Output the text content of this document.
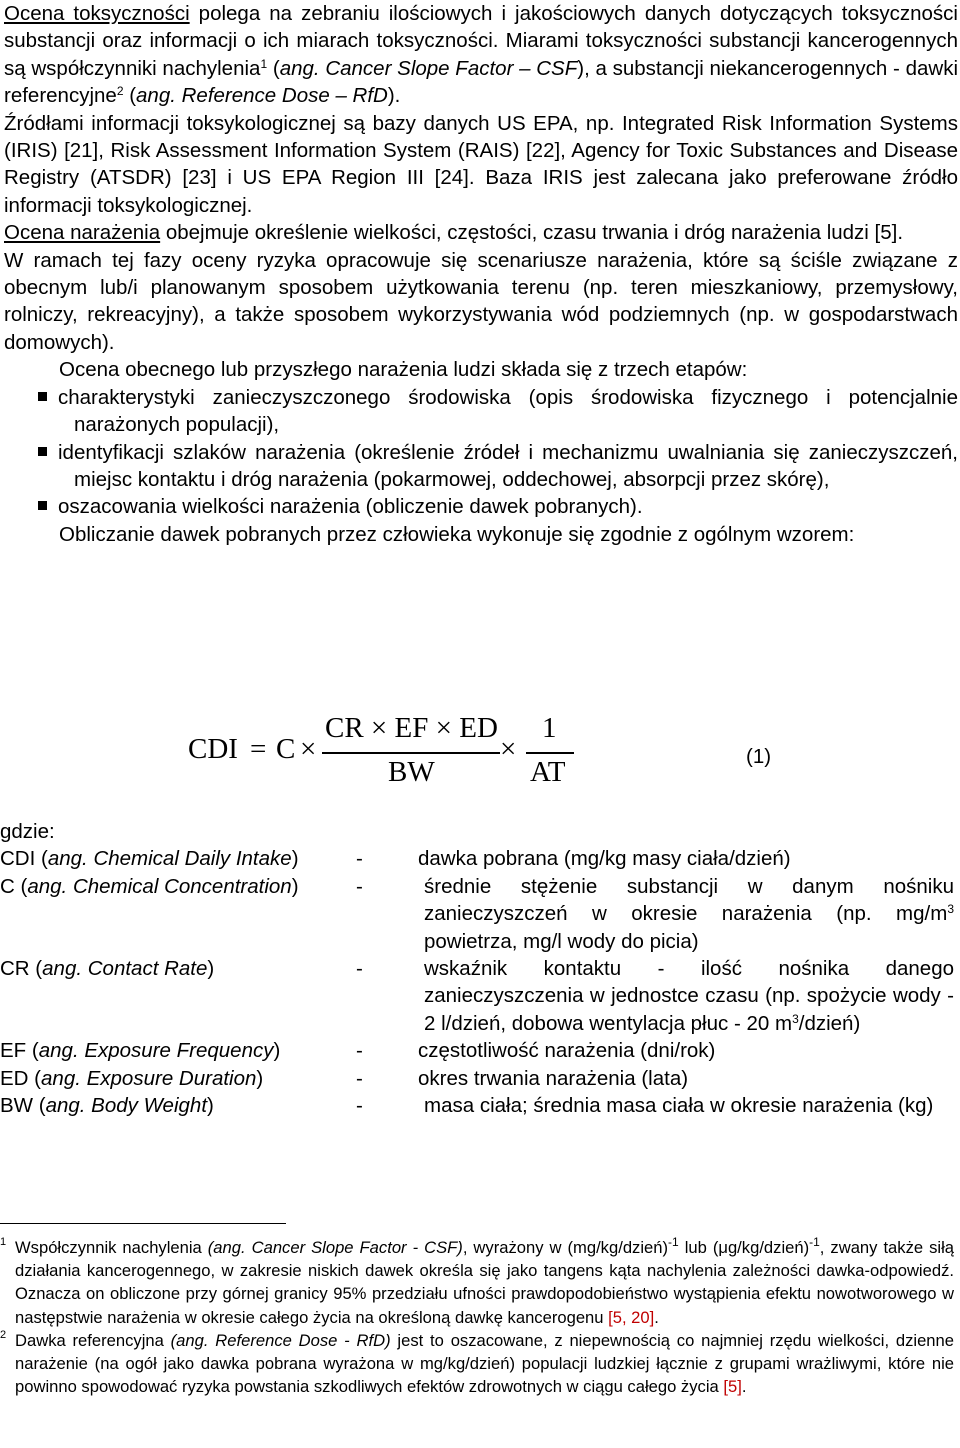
Ocena toksyczności polega na zebraniu ilościowych i jakościowych danych dotyczących toksyczności substancji oraz informacji o ich miarach toksyczności. Miarami toksyczności substancji kancerogennych są współczynniki nachylenia$^1$ (ang. Cancer Slope Factor – CSF), a substancji niekancerogennych - dawki referencyjne$^2$ (ang. Reference Dose – RfD).

Źródłami informacji toksykologicznej są bazy danych US EPA, np. Integrated Risk Information Systems (IRIS) [21], Risk Assessment Information System (RAIS) [22], Agency for Toxic Substances and Disease Registry (ATSDR) [23] i US EPA Region III [24]. Baza IRIS jest zalecana jako preferowane źródło informacji toksykologicznej.

Ocena narażenia obejmuje określenie wielkości, częstości, czasu trwania i dróg narażenia ludzi [5].

W ramach tej fazy oceny ryzyka opracowuje się scenariusze narażenia, które są ściśle związane z obecnym lub/i planowanym sposobem użytkowania terenu (np. teren mieszkaniowy, przemysłowy, rolniczy, rekreacyjny), a także sposobem wykorzystywania wód podziemnych (np. w gospodarstwach domowych).

Ocena obecnego lub przyszłego narażenia ludzi składa się z trzech etapów:

charakterystyki zanieczyszczonego środowiska (opis środowiska fizycznego i potencjalnie narażonych populacji),
identyfikacji szlaków narażenia (określenie źródeł i mechanizmu uwalniania się zanieczyszczeń, miejsc kontaktu i dróg narażenia (pokarmowej, oddechowej, absorpcji przez skórę),
oszacowania wielkości narażenia (obliczenie dawek pobranych).

Obliczanie dawek pobranych przez człowieka wykonuje się zgodnie z ogólnym wzorem:

CDI = C ×
CR × EF × ED
BW
×
1
AT	(1)
gdzie:
CDI (ang. Chemical Daily Intake)	-	dawka pobrana (mg/kg masy ciała/dzień)
C (ang. Chemical Concentration)	-	średnie stężenie substancji w danym nośniku zanieczyszczeń w okresie narażenia (np. $mg/m^3$ powietrza, mg/l wody do picia)
CR (ang. Contact Rate)	-	wskaźnik kontaktu - ilość nośnika danego zanieczyszczenia w jednostce czasu (np. spożycie wody - 2 l/dzień, dobowa wentylacja płuc - 20 $m^3/dzień$)
EF (ang. Exposure Frequency)	-	częstotliwość narażenia (dni/rok)
ED (ang. Exposure Duration)	-	okres trwania narażenia (lata)
BW (ang. Body Weight)	-	masa ciała; średnia masa ciała w okresie narażenia (kg)
1 Współczynnik nachylenia (ang. Cancer Slope Factor - CSF), wyrażony w (mg/kg/dzień)$^{-1}$ lub (μg/kg/dzień)$^{-1}$, zwany także siłą działania kancerogennego, w zakresie niskich dawek określa się jako tangens kąta nachylenia zależności dawka-odpowiedź. Oznacza on obliczone przy górnej granicy 95% przedziału ufności prawdopodobieństwo wystąpienia efektu nowotworowego w następstwie narażenia w okresie całego życia na określoną dawkę kancerogenu [5, 20].
2 Dawka referencyjna (ang. Reference Dose - RfD) jest to oszacowane, z niepewnością co najmniej rzędu wielkości, dzienne narażenie (na ogół jako dawka pobrana wyrażona w mg/kg/dzień) populacji ludzkiej łącznie z grupami wrażliwymi, które nie powinno spowodować ryzyka powstania szkodliwych efektów zdrowotnych w ciągu całego życia [5].
